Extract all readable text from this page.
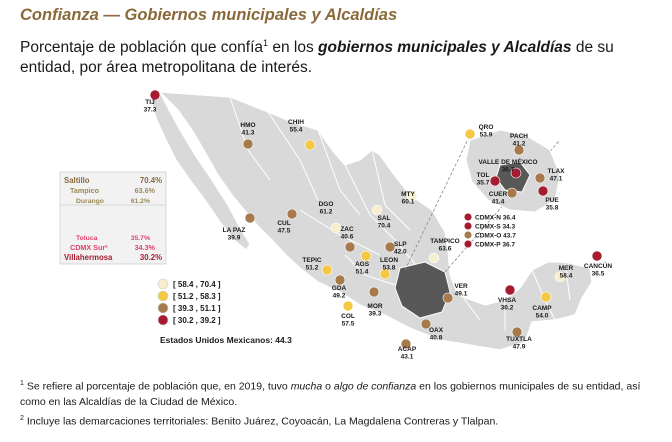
Confianza — Gobiernos municipales y Alcaldías
Porcentaje de población que confía$^1$ en los gobiernos municipales y Alcaldías de su entidad, por área metropolitana de interés.
Saltillo	70.4%
Tampico	63.6%
Durango	61.2%
Toluca	35.7%
CDMX Sur²	34.3%
Villahermosa	30.2%
[ 58.4 , 70.4 ]
[ 51.2 , 58.3 ]
[ 39.3 , 51.1 ]
[ 30.2 , 39.2 ]
Estados Unidos Mexicanos: 44.3
TIJ
37.3
HMO
41.3
CHIH
55.4
LA PAZ
39.9
CUL
47.5
DGO
61.2
SAL
70.4
MTY
60.1
ZAC
40.6
SLP
42.0
TAMPICO
63.6
AGS
51.4
TEPIC
51.2
LEON
53.8
GDA
49.2
MOR
39.3
COL
57.5
VER
49.1
OAX
40.8
ACAP
43.1
VHSA
30.2
TUXTLA
47.9
CAMP
54.0
MER
58.4
CANCÚN
36.5
QRO
53.9	PACH
41.2
VALLE DE MÉXICO
36.7
TOL
35.7
TLAX
47.1
CUER
41.4	PUE
35.8
CDMX-N 36.4
CDMX-S 34.3
CDMX-O 43.7
CDMX-P 36.7
$^1$ Se refiere al porcentaje de población que, en 2019, tuvo mucha o algo de confianza en los gobiernos municipales de su entidad, así como en las Alcaldías de la Ciudad de México.
$^2$ Incluye las demarcaciones territoriales: Benito Juárez, Coyoacán, La Magdalena Contreras y Tlalpan.
